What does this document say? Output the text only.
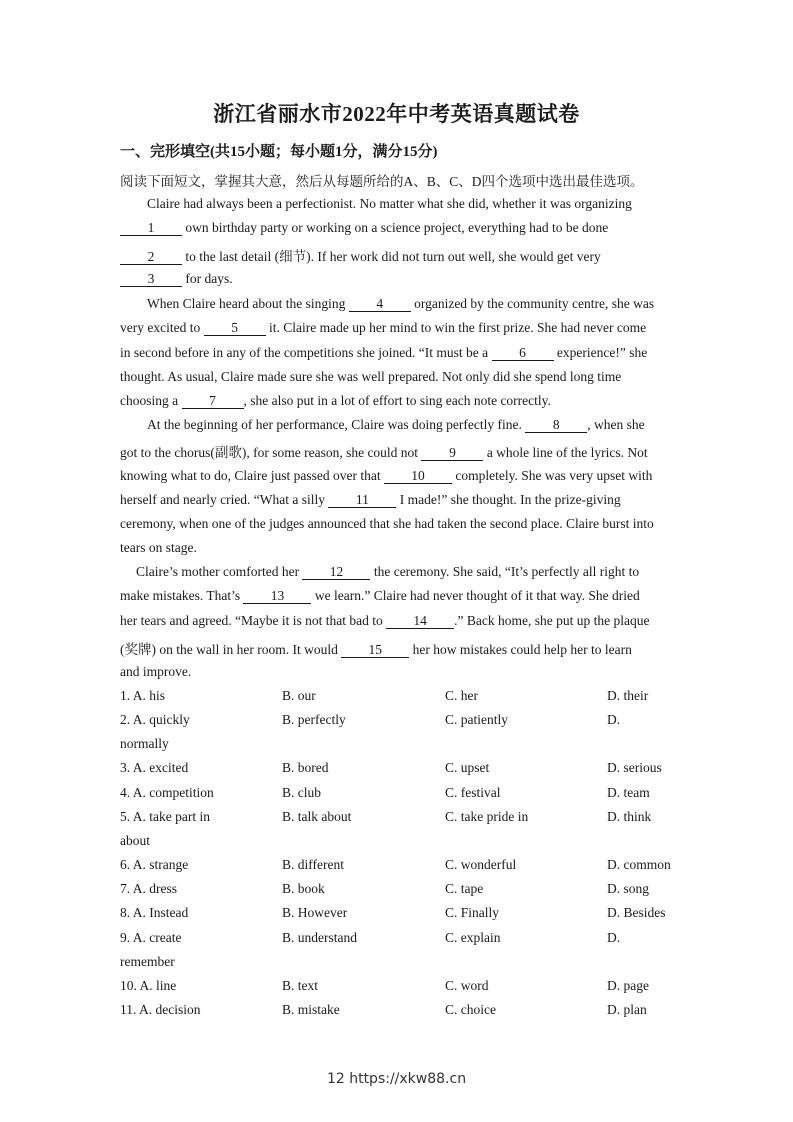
浙江省丽水市2022年中考英语真题试卷
一、完形填空(共15小题；每小题1分，满分15分)
阅读下面短文，掌握其大意，然后从每题所给的A、B、C、D四个选项中选出最佳选项。
Claire had always been a perfectionist. No matter what she did, whether it was organizing
1 own birthday party or working on a science project, everything had to be done
2 to the last detail (细节). If her work did not turn out well, she would get very
3 for days.
When Claire heard about the singing 4 organized by the community centre, she was
very excited to 5 it. Claire made up her mind to win the first prize. She had never come
in second before in any of the competitions she joined. “It must be a 6 experience!” she
thought. As usual, Claire made sure she was well prepared. Not only did she spend long time
choosing a 7 , she also put in a lot of effort to sing each note correctly.
At the beginning of her performance, Claire was doing perfectly fine. 8 , when she
got to the chorus(副歌), for some reason, she could not 9 a whole line of the lyrics. Not
knowing what to do, Claire just passed over that 10 completely. She was very upset with
herself and nearly cried. “What a silly 11 I made!” she thought. In the prize-giving
ceremony, when one of the judges announced that she had taken the second place. Claire burst into
tears on stage.
Claire’s mother comforted her 12 the ceremony. She said, “It’s perfectly all right to
make mistakes. That’s 13 we learn.” Claire had never thought of it that way. She dried
her tears and agreed. “Maybe it is not that bad to 14 .” Back home, she put up the plaque
(奖牌) on the wall in her room. It would 15 her how mistakes could help her to learn
and improve.
1. A. his	B. our	C. her	D. their
2. A. quickly	B. perfectly	C. patiently	D.
normally
3. A. excited	B. bored	C. upset	D. serious
4. A. competition	B. club	C. festival	D. team
5. A. take part in	B. talk about	C. take pride in	D. think
about
6. A. strange	B. different	C. wonderful	D. common
7. A. dress	B. book	C. tape	D. song
8. A. Instead	B. However	C. Finally	D. Besides
9. A. create	B. understand	C. explain	D.
remember
10. A. line	B. text	C. word	D. page
11. A. decision	B. mistake	C. choice	D. plan
12 https://xkw88.cn
